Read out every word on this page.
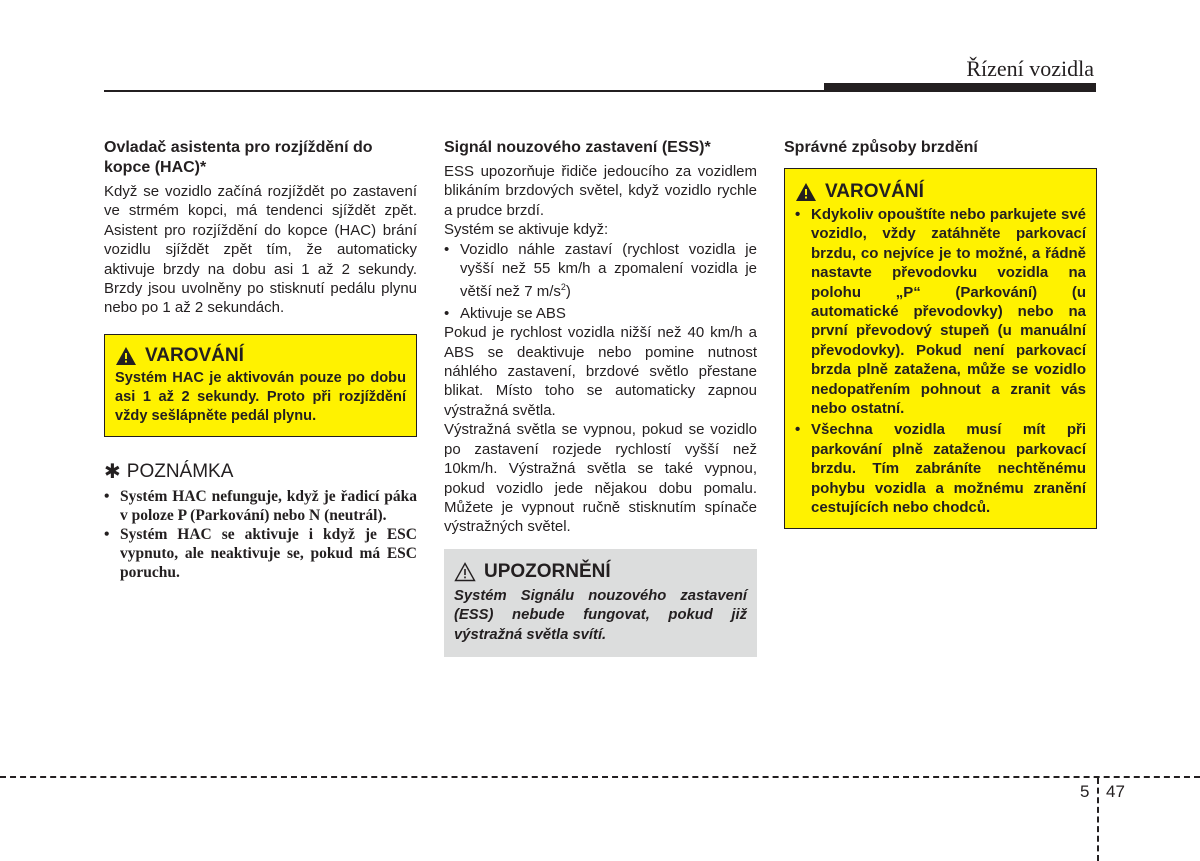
Řízení vozidla
Ovladač asistenta pro rozjíždění do kopce (HAC)*

Když se vozidlo začíná rozjíždět po zastavení ve strmém kopci, má tendenci sjíždět zpět. Asistent pro rozjíždění do kopce (HAC) brání vozidlu sjíždět zpět tím, že automaticky aktivuje brzdy na dobu asi 1 až 2 sekundy. Brzdy jsou uvolněny po stisknutí pedálu plynu nebo po 1 až 2 sekundách.

VAROVÁNÍ
Systém HAC je aktivován pouze po dobu asi 1 až 2 sekundy. Proto při rozjíždění vždy sešlápněte pedál plynu.
✱ POZNÁMKA
• Systém HAC nefunguje, když je řadicí páka v poloze P (Parkování) nebo N (neutrál).
• Systém HAC se aktivuje i když je ESC vypnuto, ale neaktivuje se, pokud má ESC poruchu.
Signál nouzového zastavení (ESS)*

ESS upozorňuje řidiče jedoucího za vozidlem blikáním brzdových světel, když vozidlo rychle a prudce brzdí.

Systém se aktivuje když:

• Vozidlo náhle zastaví (rychlost vozidla je vyšší než 55 km/h a zpomalení vozidla je větší než 7 $m/s^2$)
• Aktivuje se ABS

Pokud je rychlost vozidla nižší než 40 km/h a ABS se deaktivuje nebo pomine nutnost náhlého zastavení, brzdové světlo přestane blikat. Místo toho se automaticky zapnou výstražná světla.

Výstražná světla se vypnou, pokud se vozidlo po zastavení rozjede rychlostí vyšší než 10km/h. Výstražná světla se také vypnou, pokud vozidlo jede nějakou dobu pomalu. Můžete je vypnout ručně stisknutím spínače výstražných světel.

UPOZORNĚNÍ
Systém Signálu nouzového zastavení (ESS) nebude fungovat, pokud již výstražná světla svítí.
Správné způsoby brzdění
VAROVÁNÍ
• Kdykoliv opouštíte nebo parkujete své vozidlo, vždy zatáhněte parkovací brzdu, co nejvíce je to možné, a řádně nastavte převodovku vozidla na polohu „P“ (Parkování) (u automatické převodovky) nebo na první převodový stupeň (u manuální převodovky). Pokud není parkovací brzda plně zatažena, může se vozidlo nedopatřením pohnout a zranit vás nebo ostatní.
• Všechna vozidla musí mít při parkování plně zataženou parkovací brzdu. Tím zabráníte nechtěnému pohybu vozidla a možnému zranění cestujících nebo chodců.
5 47
